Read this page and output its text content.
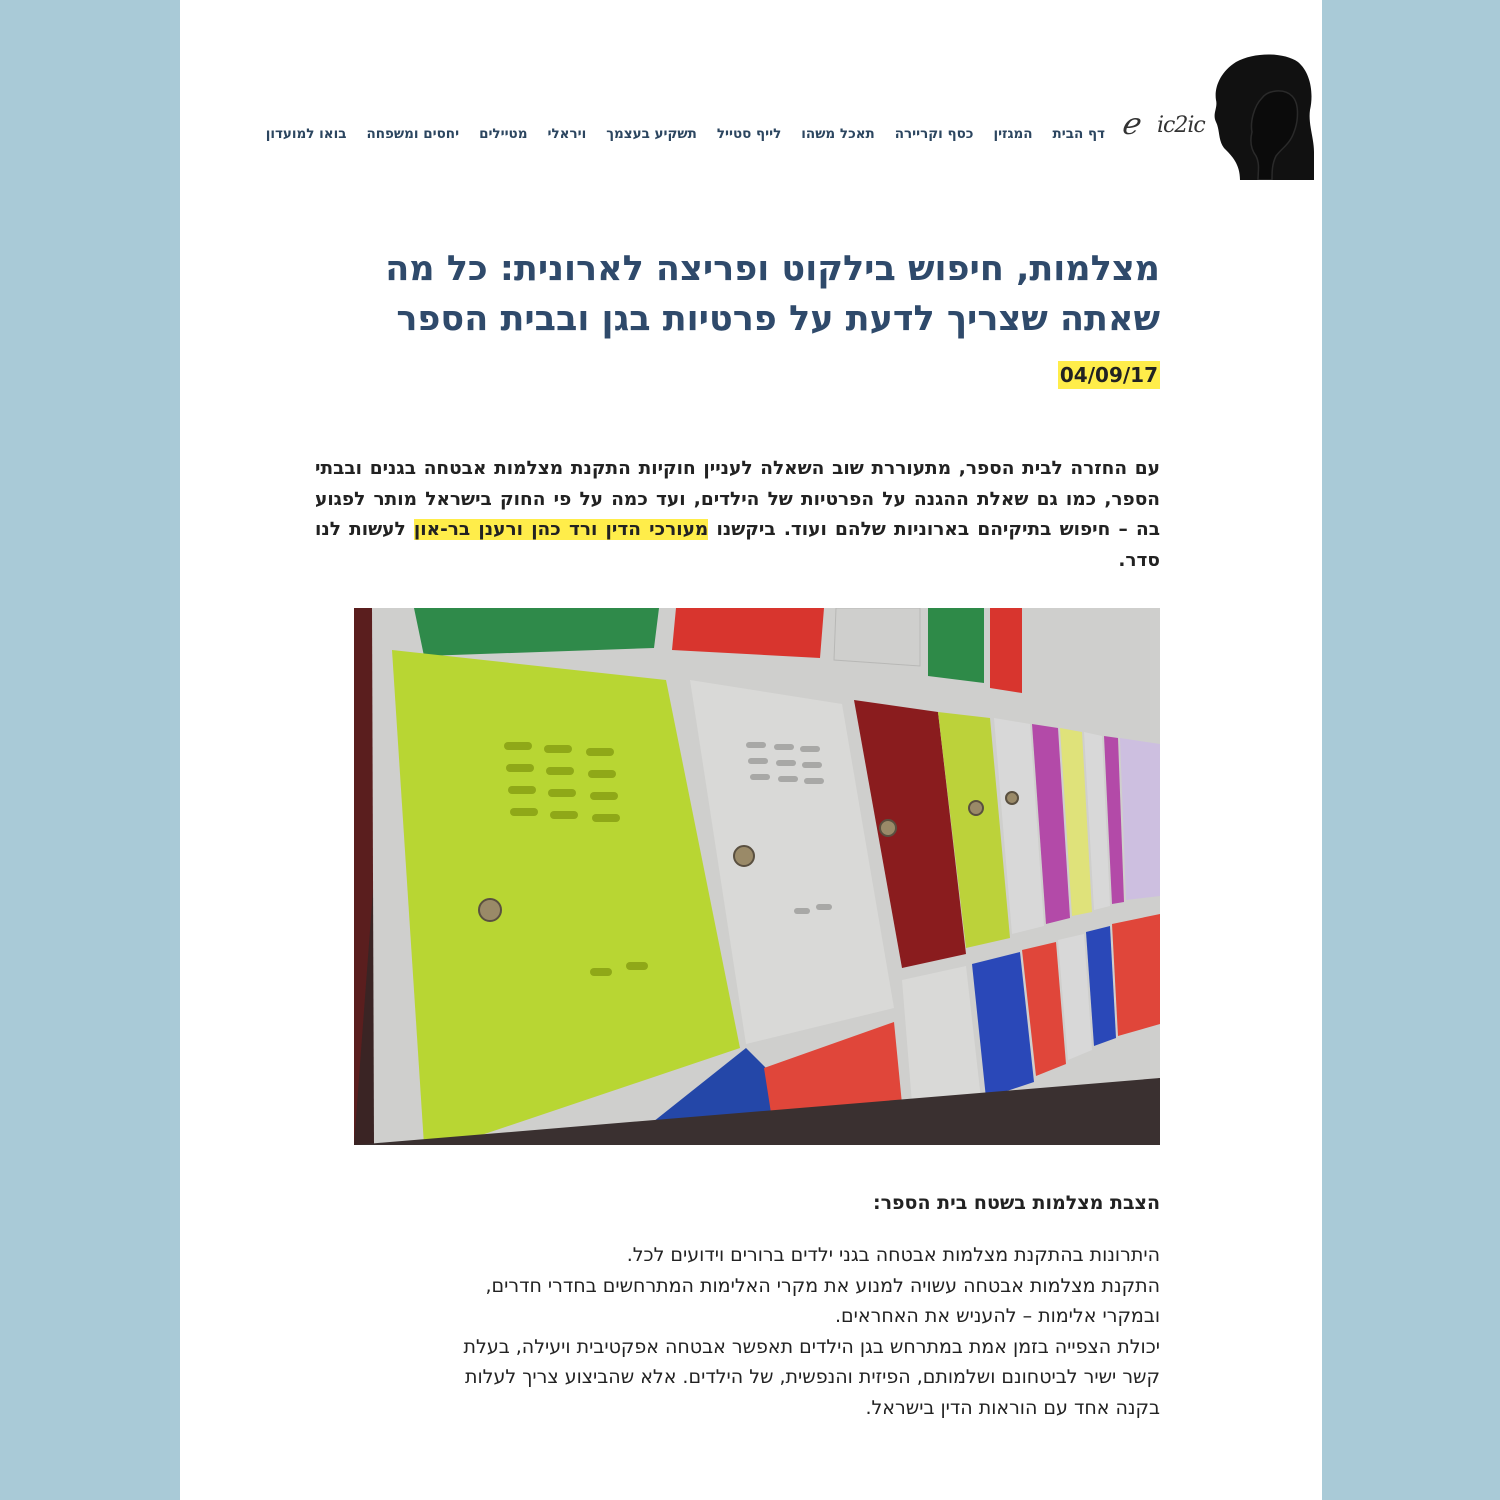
ℯ ic2ic
דף הבית
המגזין
כסף וקריירה
תאכל משהו
לייף סטייל
תשקיע בעצמך
ויראלי
מטיילים
יחסים ומשפחה
בואו למועדון
מצלמות, חיפוש בילקוט ופריצה לארונית: כל מה שאתה שצריך לדעת על פרטיות בגן ובבית הספר
04/09/17

עם החזרה לבית הספר, מתעוררת שוב השאלה לעניין חוקיות התקנת מצלמות אבטחה בגנים ובבתי הספר, כמו גם שאלת ההגנה על הפרטיות של הילדים, ועד כמה על פי החוק בישראל מותר לפגוע בה – חיפוש בתיקיהם בארוניות שלהם ועוד. ביקשנו מעורכי הדין ורד כהן ורענן בר-און לעשות לנו סדר.

הצבת מצלמות בשטח בית הספר:

היתרונות בהתקנת מצלמות אבטחה בגני ילדים ברורים וידועים לכל.

התקנת מצלמות אבטחה עשויה למנוע את מקרי האלימות המתרחשים בחדרי חדרים,

ובמקרי אלימות – להעניש את האחראים.

יכולת הצפייה בזמן אמת במתרחש בגן הילדים תאפשר אבטחה אפקטיבית ויעילה, בעלת

קשר ישיר לביטחונם ושלמותם, הפיזית והנפשית, של הילדים. אלא שהביצוע צריך לעלות

בקנה אחד עם הוראות הדין בישראל.
